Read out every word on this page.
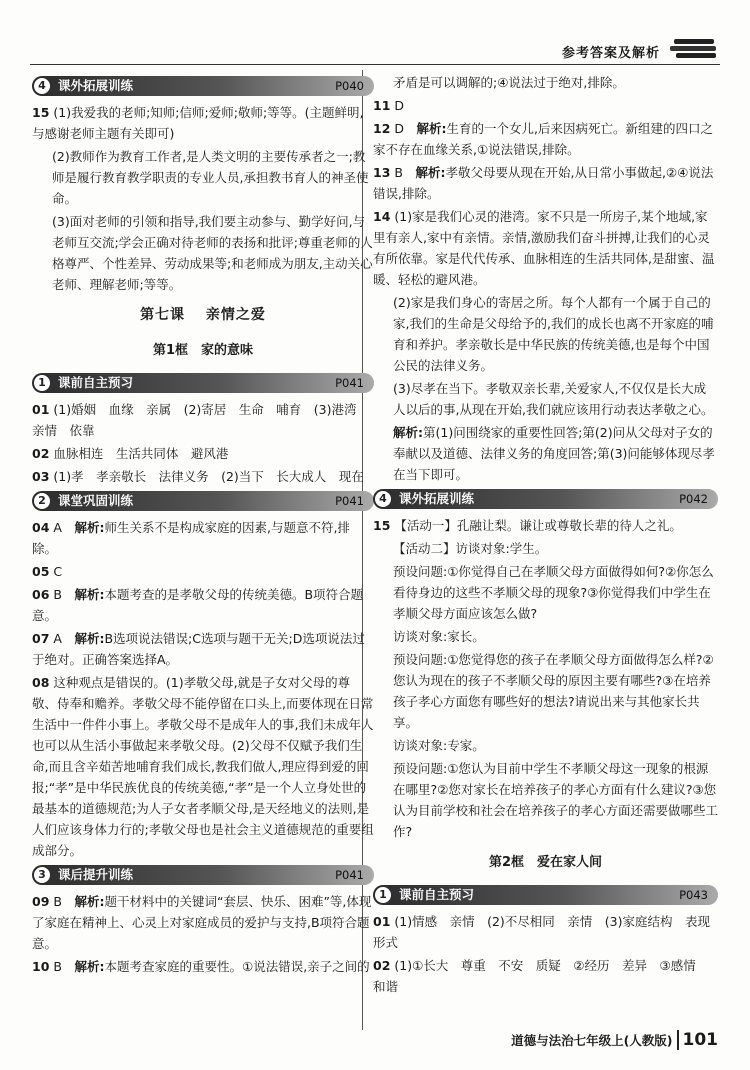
参考答案及解析
4 课外拓展训练	P040
15 (1)我爱我的老师;知师;信师;爱师;敬师;等等。(主题鲜明,与感谢老师主题有关即可)
(2)教师作为教育工作者,是人类文明的主要传承者之一;教师是履行教育教学职责的专业人员,承担教书育人的神圣使命。
(3)面对老师的引领和指导,我们要主动参与、勤学好问,与老师互交流;学会正确对待老师的表扬和批评;尊重老师的人格尊严、个性差异、劳动成果等;和老师成为朋友,主动关心老师、理解老师;等等。
第七课　 亲情之爱
第1框　家的意味
1 课前自主预习	P041
01 (1)婚姻　血缘　亲属　(2)寄居　生命　哺育　(3)港湾　亲情　依靠
02 血脉相连　生活共同体　避风港
03 (1)孝　孝亲敬长　法律义务　(2)当下　长大成人　现在
2 课堂巩固训练	P041
04 A　 解析:师生关系不是构成家庭的因素,与题意不符,排除。
05 C
06 B　 解析:本题考查的是孝敬父母的传统美德。B项符合题意。
07 A　 解析:B选项说法错误;C选项与题干无关;D选项说法过于绝对。正确答案选择A。
08 这种观点是错误的。(1)孝敬父母,就是子女对父母的尊敬、侍奉和赡养。孝敬父母不能停留在口头上,而要体现在日常生活中一件件小事上。孝敬父母不是成年人的事,我们未成年人也可以从生活小事做起来孝敬父母。(2)父母不仅赋予我们生命,而且含辛茹苦地哺育我们成长,教我们做人,理应得到爱的回报;“孝”是中华民族优良的传统美德,“孝”是一个人立身处世的最基本的道德规范;为人子女者孝顺父母,是天经地义的法则,是人们应该身体力行的;孝敬父母也是社会主义道德规范的重要组成部分。
3 课后提升训练	P041
09 B　 解析:题干材料中的关键词“套层、快乐、困难”等,体现了家庭在精神上、心灵上对家庭成员的爱护与支持,B项符合题意。
10 B　 解析:本题考查家庭的重要性。①说法错误,亲子之间的
矛盾是可以调解的;④说法过于绝对,排除。
11 D
12 D　 解析:生育的一个女儿,后来因病死亡。新组建的四口之家不存在血缘关系,①说法错误,排除。
13 B　 解析:孝敬父母要从现在开始,从日常小事做起,②④说法错误,排除。
14 (1)家是我们心灵的港湾。家不只是一所房子,某个地域,家里有亲人,家中有亲情。亲情,激励我们奋斗拼搏,让我们的心灵有所依靠。家是代代传承、血脉相连的生活共同体,是甜蜜、温暖、轻松的避风港。
(2)家是我们身心的寄居之所。每个人都有一个属于自己的家,我们的生命是父母给予的,我们的成长也离不开家庭的哺育和养护。孝亲敬长是中华民族的传统美德,也是每个中国公民的法律义务。
(3)尽孝在当下。孝敬双亲长辈,关爱家人,不仅仅是长大成人以后的事,从现在开始,我们就应该用行动表达孝敬之心。
解析:第(1)问围绕家的重要性回答;第(2)问从父母对子女的奉献以及道德、法律义务的角度回答;第(3)问能够体现尽孝在当下即可。
4 课外拓展训练	P042
15 【活动一】孔融让梨。谦让或尊敬长辈的待人之礼。
【活动二】访谈对象:学生。
预设问题:①你觉得自己在孝顺父母方面做得如何?②你怎么看待身边的这些不孝顺父母的现象?③你觉得我们中学生在孝顺父母方面应该怎么做?
访谈对象:家长。
预设问题:①您觉得您的孩子在孝顺父母方面做得怎么样?②您认为现在的孩子不孝顺父母的原因主要有哪些?③在培养孩子孝心方面您有哪些好的想法?请说出来与其他家长共享。
访谈对象:专家。
预设问题:①您认为目前中学生不孝顺父母这一现象的根源在哪里?②您对家长在培养孩子的孝心方面有什么建议?③您认为目前学校和社会在培养孩子的孝心方面还需要做哪些工作?
第2框　爱在家人间
1 课前自主预习	P043
01 (1)情感　亲情　(2)不尽相同　亲情　(3)家庭结构　表现形式
02 (1)①长大　尊重　不安　质疑　②经历　差异　③感情　和谐
道德与法治七年级上(人教版) 101
